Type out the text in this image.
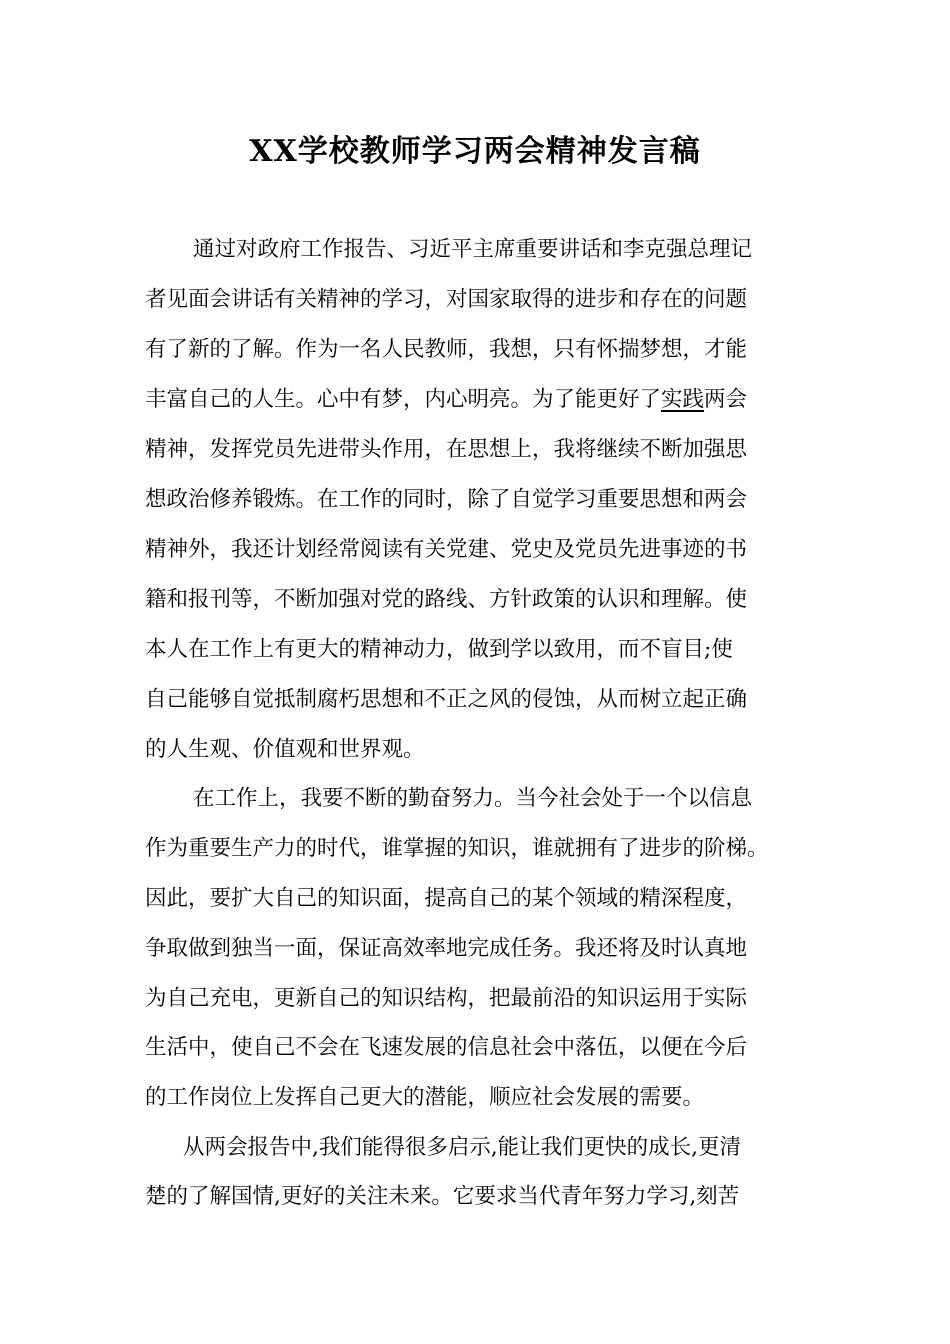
XX学校教师学习两会精神发言稿

通过对政府工作报告、习近平主席重要讲话和李克强总理记

者见面会讲话有关精神的学习，对国家取得的进步和存在的问题

有了新的了解。作为一名人民教师，我想，只有怀揣梦想，才能

丰富自己的人生。心中有梦，内心明亮。为了能更好了实践两会

精神，发挥党员先进带头作用，在思想上，我将继续不断加强思

想政治修养锻炼。在工作的同时，除了自觉学习重要思想和两会

精神外，我还计划经常阅读有关党建、党史及党员先进事迹的书

籍和报刊等，不断加强对党的路线、方针政策的认识和理解。使

本人在工作上有更大的精神动力，做到学以致用，而不盲目;使

自己能够自觉抵制腐朽思想和不正之风的侵蚀，从而树立起正确

的人生观、价值观和世界观。

在工作上，我要不断的勤奋努力。当今社会处于一个以信息

作为重要生产力的时代，谁掌握的知识，谁就拥有了进步的阶梯。

因此，要扩大自己的知识面，提高自己的某个领域的精深程度，

争取做到独当一面，保证高效率地完成任务。我还将及时认真地

为自己充电，更新自己的知识结构，把最前沿的知识运用于实际

生活中，使自己不会在飞速发展的信息社会中落伍，以便在今后

的工作岗位上发挥自己更大的潜能，顺应社会发展的需要。

从两会报告中,我们能得很多启示,能让我们更快的成长,更清

楚的了解国情,更好的关注未来。它要求当代青年努力学习,刻苦
